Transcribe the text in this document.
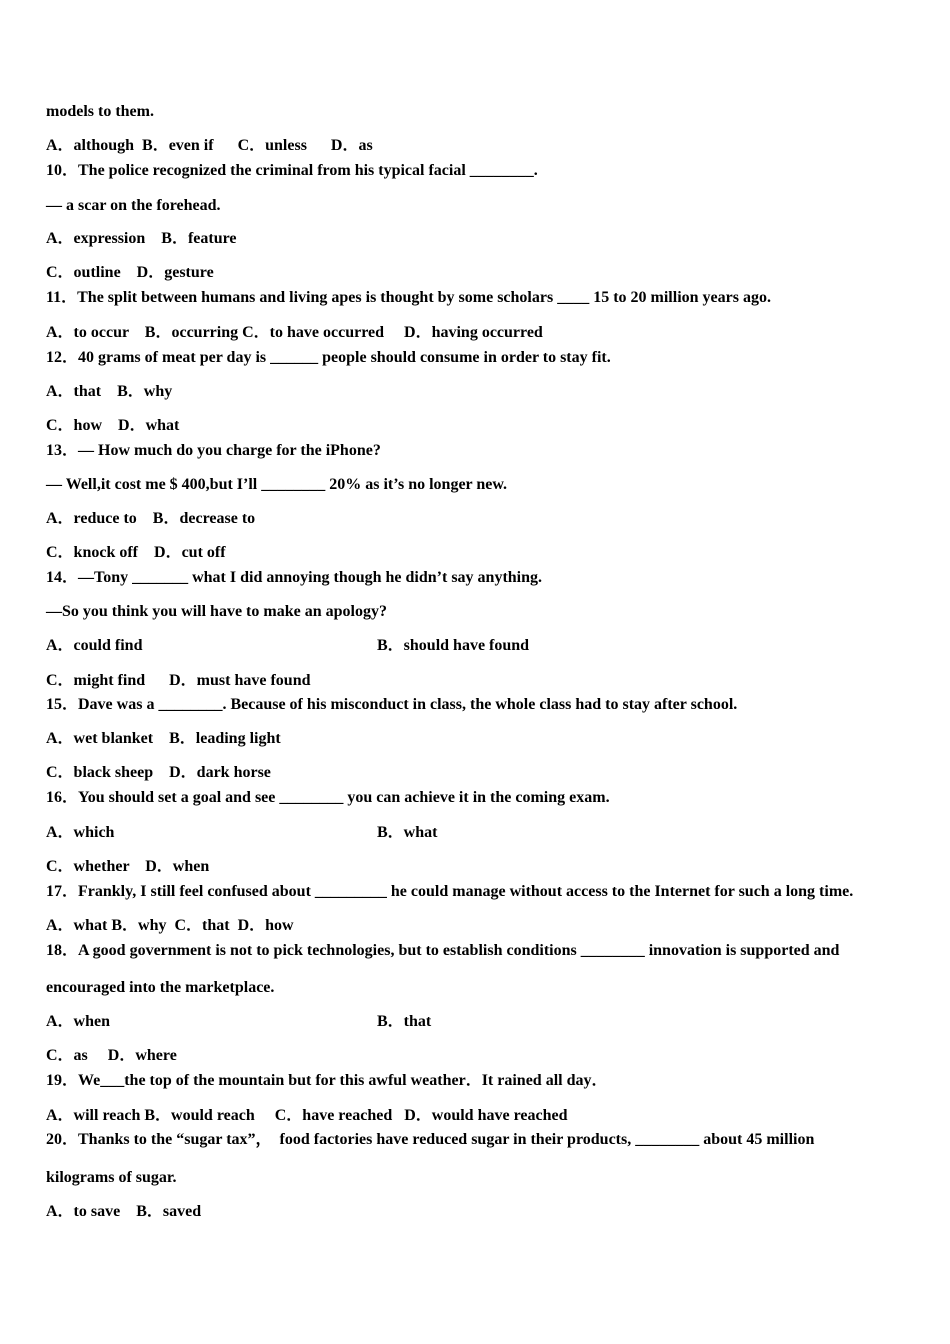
models to them.
A．although  B．even if      C．unless      D．as
10．The police recognized the criminal from his typical facial ________.
— a scar on the forehead.
A．expression    B．feature
C．outline    D．gesture
11．The split between humans and living apes is thought by some scholars ____ 15 to 20 million years ago.
A．to occur    B．occurring C．to have occurred     D．having occurred
12．40 grams of meat per day is ______ people should consume in order to stay fit.
A．that    B．why
C．how    D．what
13．— How much do you charge for the iPhone?
— Well,it cost me $ 400,but I’ll ________ 20% as it’s no longer new.
A．reduce to    B．decrease to
C．knock off    D．cut off
14．—Tony _______ what I did annoying though he didn’t say anything.
—So you think you will have to make an apology?
A．could find	B．should have found
C．might find      D．must have found
15．Dave was a ________. Because of his misconduct in class, the whole class had to stay after school.
A．wet blanket    B．leading light
C．black sheep    D．dark horse
16．You should set a goal and see ________ you can achieve it in the coming exam.
A．which	B．what
C．whether    D．when
17．Frankly, I still feel confused about _________ he could manage without access to the Internet for such a long time.
A．what B．why  C．that  D．how
18．A good government is not to pick technologies, but to establish conditions ________ innovation is supported and
encouraged into the marketplace.
A．when	B．that
C．as     D．where
19．We___the top of the mountain but for this awful weather．It rained all day．
A．will reach B．would reach     C．have reached   D．would have reached
20．Thanks to the “sugar tax”，  food factories have reduced sugar in their products, ________ about 45 million
kilograms of sugar.
A．to save    B．saved
